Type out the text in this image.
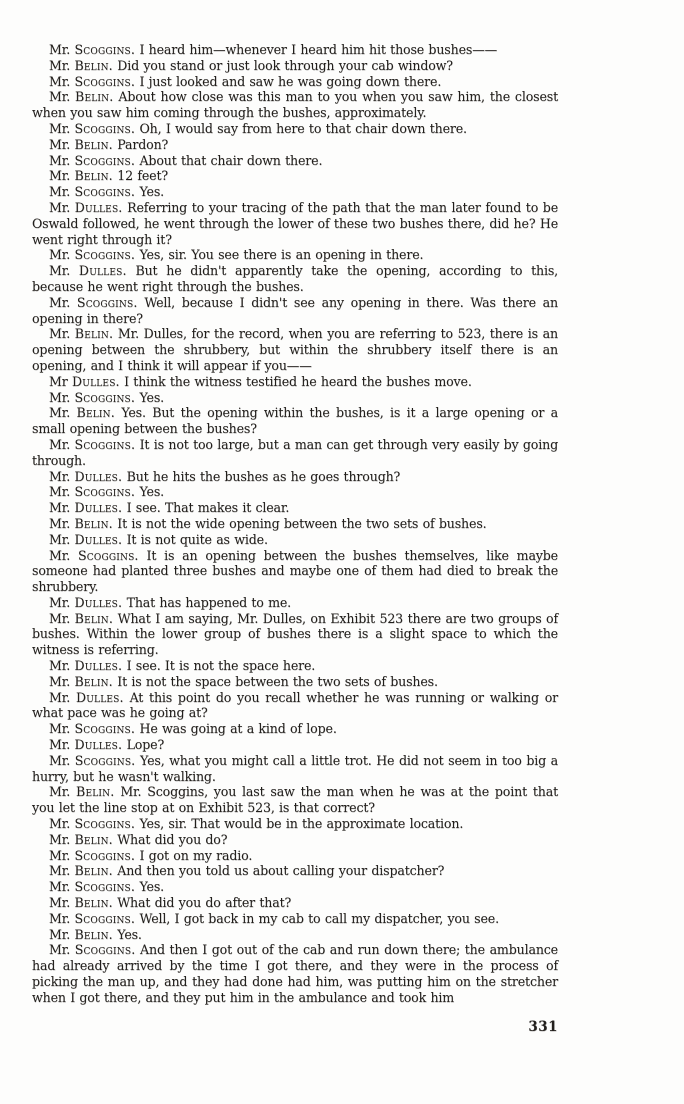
Mr. Scoggins. I heard him—whenever I heard him hit those bushes——

Mr. Belin. Did you stand or just look through your cab window?

Mr. Scoggins. I just looked and saw he was going down there.

Mr. Belin. About how close was this man to you when you saw him, the closest when you saw him coming through the bushes, approximately.

Mr. Scoggins. Oh, I would say from here to that chair down there.

Mr. Belin. Pardon?

Mr. Scoggins. About that chair down there.

Mr. Belin. 12 feet?

Mr. Scoggins. Yes.

Mr. Dulles. Referring to your tracing of the path that the man later found to be Oswald followed, he went through the lower of these two bushes there, did he? He went right through it?

Mr. Scoggins. Yes, sir. You see there is an opening in there.

Mr. Dulles. But he didn't apparently take the opening, according to this, because he went right through the bushes.

Mr. Scoggins. Well, because I didn't see any opening in there. Was there an opening in there?

Mr. Belin. Mr. Dulles, for the record, when you are referring to 523, there is an opening between the shrubbery, but within the shrubbery itself there is an opening, and I think it will appear if you——

Mr Dulles. I think the witness testified he heard the bushes move.

Mr. Scoggins. Yes.

Mr. Belin. Yes. But the opening within the bushes, is it a large opening or a small opening between the bushes?

Mr. Scoggins. It is not too large, but a man can get through very easily by going through.

Mr. Dulles. But he hits the bushes as he goes through?

Mr. Scoggins. Yes.

Mr. Dulles. I see. That makes it clear.

Mr. Belin. It is not the wide opening between the two sets of bushes.

Mr. Dulles. It is not quite as wide.

Mr. Scoggins. It is an opening between the bushes themselves, like maybe someone had planted three bushes and maybe one of them had died to break the shrubbery.

Mr. Dulles. That has happened to me.

Mr. Belin. What I am saying, Mr. Dulles, on Exhibit 523 there are two groups of bushes. Within the lower group of bushes there is a slight space to which the witness is referring.

Mr. Dulles. I see. It is not the space here.

Mr. Belin. It is not the space between the two sets of bushes.

Mr. Dulles. At this point do you recall whether he was running or walking or what pace was he going at?

Mr. Scoggins. He was going at a kind of lope.

Mr. Dulles. Lope?

Mr. Scoggins. Yes, what you might call a little trot. He did not seem in too big a hurry, but he wasn't walking.

Mr. Belin. Mr. Scoggins, you last saw the man when he was at the point that you let the line stop at on Exhibit 523, is that correct?

Mr. Scoggins. Yes, sir. That would be in the approximate location.

Mr. Belin. What did you do?

Mr. Scoggins. I got on my radio.

Mr. Belin. And then you told us about calling your dispatcher?

Mr. Scoggins. Yes.

Mr. Belin. What did you do after that?

Mr. Scoggins. Well, I got back in my cab to call my dispatcher, you see.

Mr. Belin. Yes.

Mr. Scoggins. And then I got out of the cab and run down there; the ambulance had already arrived by the time I got there, and they were in the process of picking the man up, and they had done had him, was putting him on the stretcher when I got there, and they put him in the ambulance and took him

331
